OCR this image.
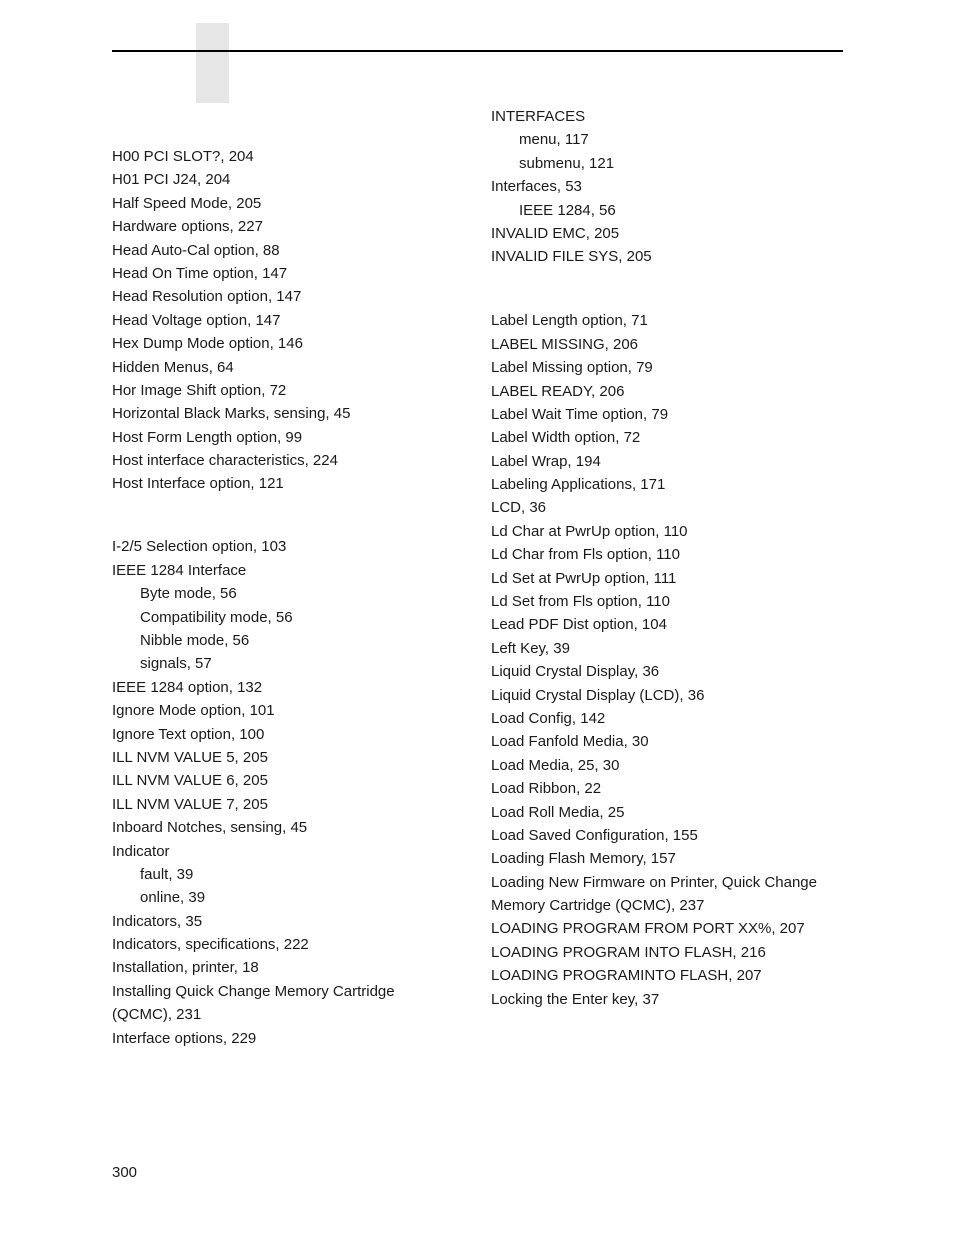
H00 PCI SLOT?, 204
H01 PCI J24, 204
Half Speed Mode, 205
Hardware options, 227
Head Auto-Cal option, 88
Head On Time option, 147
Head Resolution option, 147
Head Voltage option, 147
Hex Dump Mode option, 146
Hidden Menus, 64
Hor Image Shift option, 72
Horizontal Black Marks, sensing, 45
Host Form Length option, 99
Host interface characteristics, 224
Host Interface option, 121
I-2/5 Selection option, 103
IEEE 1284 Interface
Byte mode, 56
Compatibility mode, 56
Nibble mode, 56
signals, 57
IEEE 1284 option, 132
Ignore Mode option, 101
Ignore Text option, 100
ILL NVM VALUE 5, 205
ILL NVM VALUE 6, 205
ILL NVM VALUE 7, 205
Inboard Notches, sensing, 45
Indicator
fault, 39
online, 39
Indicators, 35
Indicators, specifications, 222
Installation, printer, 18
Installing Quick Change Memory Cartridge
(QCMC), 231
Interface options, 229
INTERFACES
menu, 117
submenu, 121
Interfaces, 53
IEEE 1284, 56
INVALID EMC, 205
INVALID FILE SYS, 205
Label Length option, 71
LABEL MISSING, 206
Label Missing option, 79
LABEL READY, 206
Label Wait Time option, 79
Label Width option, 72
Label Wrap, 194
Labeling Applications, 171
LCD, 36
Ld Char at PwrUp option, 110
Ld Char from Fls option, 110
Ld Set at PwrUp option, 111
Ld Set from Fls option, 110
Lead PDF Dist option, 104
Left Key, 39
Liquid Crystal Display, 36
Liquid Crystal Display (LCD), 36
Load Config, 142
Load Fanfold Media, 30
Load Media, 25, 30
Load Ribbon, 22
Load Roll Media, 25
Load Saved Configuration, 155
Loading Flash Memory, 157
Loading New Firmware on Printer, Quick Change
Memory Cartridge (QCMC), 237
LOADING PROGRAM FROM PORT XX%, 207
LOADING PROGRAM INTO FLASH, 216
LOADING PROGRAMINTO FLASH, 207
Locking the Enter key, 37
300
